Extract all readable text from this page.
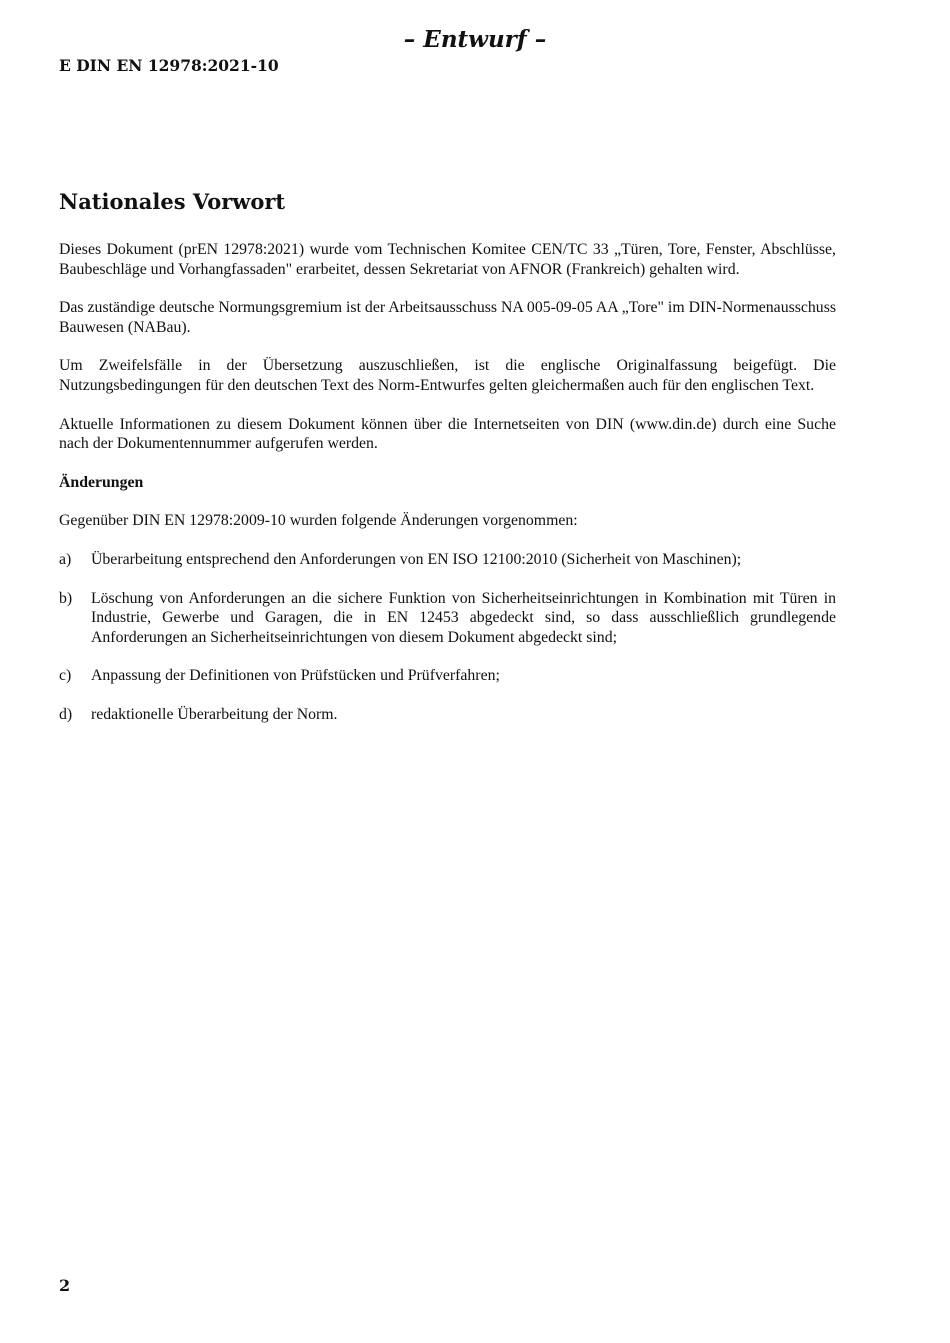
– Entwurf –
E DIN EN 12978:2021-10
Nationales Vorwort

Dieses Dokument (prEN 12978:2021) wurde vom Technischen Komitee CEN/TC 33 „Türen, Tore, Fenster, Abschlüsse, Baubeschläge und Vorhangfassaden" erarbeitet, dessen Sekretariat von AFNOR (Frankreich) gehalten wird.

Das zuständige deutsche Normungsgremium ist der Arbeitsausschuss NA 005-09-05 AA „Tore" im DIN-Normenausschuss Bauwesen (NABau).

Um Zweifelsfälle in der Übersetzung auszuschließen, ist die englische Originalfassung beigefügt. Die Nutzungsbedingungen für den deutschen Text des Norm-Entwurfes gelten gleichermaßen auch für den englischen Text.

Aktuelle Informationen zu diesem Dokument können über die Internetseiten von DIN (www.din.de) durch eine Suche nach der Dokumentennummer aufgerufen werden.

Änderungen

Gegenüber DIN EN 12978:2009-10 wurden folgende Änderungen vorgenommen:

a)	Überarbeitung entsprechend den Anforderungen von EN ISO 12100:2010 (Sicherheit von Maschinen);
b)	Löschung von Anforderungen an die sichere Funktion von Sicherheitseinrichtungen in Kombination mit Türen in Industrie, Gewerbe und Garagen, die in EN 12453 abgedeckt sind, so dass ausschließlich grundlegende Anforderungen an Sicherheitseinrichtungen von diesem Dokument abgedeckt sind;
c)	Anpassung der Definitionen von Prüfstücken und Prüfverfahren;
d)	redaktionelle Überarbeitung der Norm.
2
